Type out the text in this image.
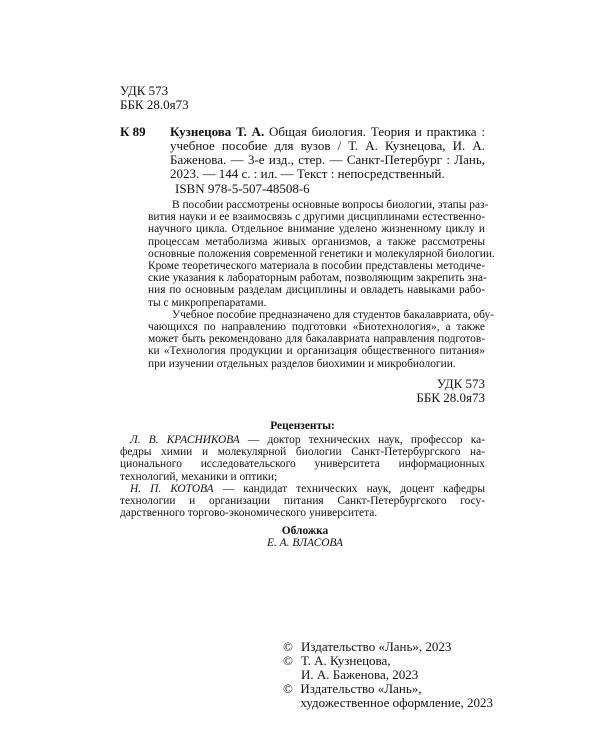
УДК 573
ББК 28.0я73
К 89 Кузнецова Т. А. Общая биология. Теория и практика :
учебное пособие для вузов / Т. А. Кузнецова, И. А. Баженова. — 3-е изд., стер. — Санкт-Петербург : Лань, 2023. — 144 с. : ил. — Текст : непосредственный.
ISBN 978-5-507-48508-6
В пособии рассмотрены основные вопросы биологии, этапы раз-
вития науки и ее взаимосвязь с другими дисциплинами естественно-
научного цикла. Отдельное внимание уделено жизненному циклу и
процессам метаболизма живых организмов, а также рассмотрены
основные положения современной генетики и молекулярной биологии.
Кроме теоретического материала в пособии представлены методиче-
ские указания к лабораторным работам, позволяющим закрепить зна-
ния по основным разделам дисциплины и овладеть навыками рабо-
ты с микропрепаратами.
Учебное пособие предназначено для студентов бакалавриата, обу-
чающихся по направлению подготовки «Биотехнология», а также
может быть рекомендовано для бакалавриата направления подготов-
ки «Технология продукции и организация общественного питания»
при изучении отдельных разделов биохимии и микробиологии.
УДК 573
ББК 28.0я73
Рецензенты:
Л. В. КРАСНИКОВА — доктор технических наук, профессор ка-
федры химии и молекулярной биологии Санкт-Петербургского на-
ционального исследовательского университета информационных
технологий, механики и оптики;
Н. П. КОТОВА — кандидат технических наук, доцент кафедры
технологии и организации питания Санкт-Петербургского госу-
дарственного торгово-экономического университета.
Обложка
Е. А. ВЛАСОВА
© Издательство «Лань», 2023
© Т. А. Кузнецова,
И. А. Баженова, 2023
© Издательство «Лань»,
художественное оформление, 2023
